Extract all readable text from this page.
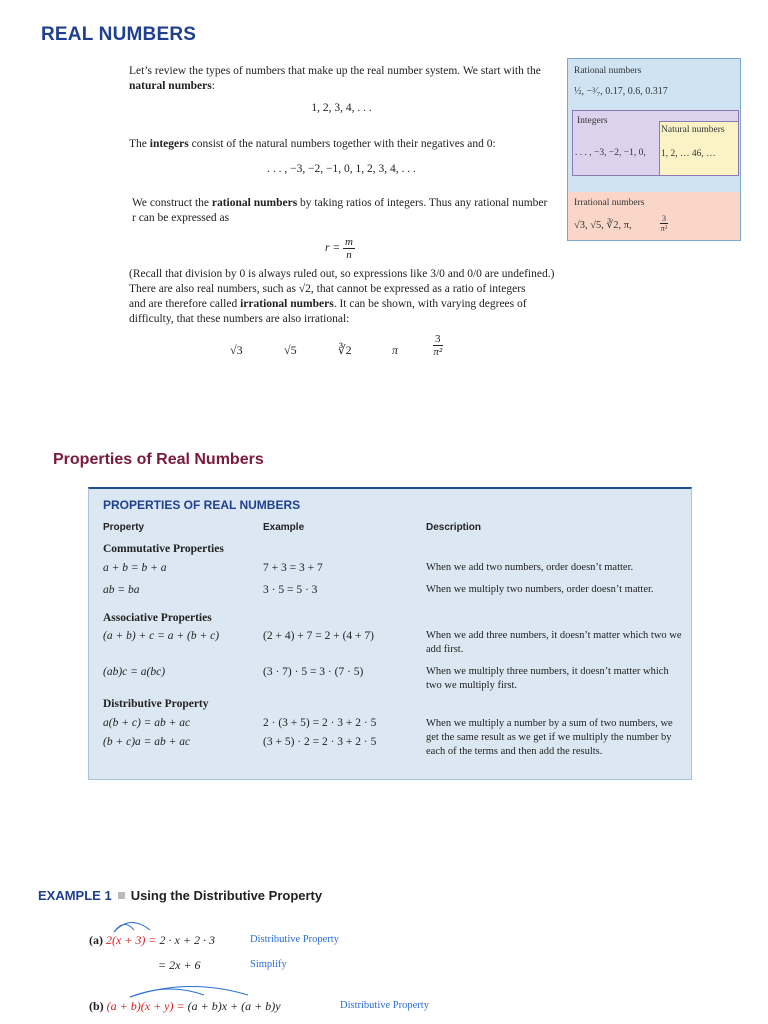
REAL NUMBERS
Let’s review the types of numbers that make up the real number system. We start with the natural numbers:
1, 2, 3, 4, . . .
The integers consist of the natural numbers together with their negatives and 0:
. . . , −3, −2, −1, 0, 1, 2, 3, 4, . . .
We construct the rational numbers by taking ratios of integers. Thus any rational number r can be expressed as
$r = \frac{m}{n}$
(Recall that division by 0 is always ruled out, so expressions like 3/0 and 0/0 are undefined.)
There are also real numbers, such as √2, that cannot be expressed as a ratio of integers
and are therefore called irrational numbers. It can be shown, with varying degrees of
difficulty, that these numbers are also irrational:
√3	√5	∛2	π	$\frac{3}{\text{π²}}$
Rational numbers
½, −³⁄₇, 0.17, 0.6, 0.317
Integers
. . . , −3, −2, −1, 0,
Natural numbers
1, 2, … 46, …
Irrational numbers
√3, √5, ∛2, π,	$\frac{3}{\text{π²}}$
Properties of Real Numbers
PROPERTIES OF REAL NUMBERS
Property	Example	Description
Commutative Properties
a + b = b + a	7 + 3 = 3 + 7	When we add two numbers, order doesn’t matter.
ab = ba	3 · 5 = 5 · 3	When we multiply two numbers, order doesn’t matter.
Associative Properties
(a + b) + c = a + (b + c)	(2 + 4) + 7 = 2 + (4 + 7)	When we add three numbers, it doesn’t matter which two we add first.
(ab)c = a(bc)	(3 · 7) · 5 = 3 · (7 · 5)	When we multiply three numbers, it doesn’t matter which two we multiply first.
Distributive Property
a(b + c) = ab + ac	2 · (3 + 5) = 2 · 3 + 2 · 5	When we multiply a number by a sum of two numbers, we get the same result as we get if we multiply the number by each of the terms and then add the results.
(b + c)a = ab + ac	(3 + 5) · 2 = 2 · 3 + 2 · 5
EXAMPLE 1 Using the Distributive Property
(a) 2(x + 3) = 2 · x + 2 · 3	Distributive Property
= 2x + 6	Simplify
(b) (a + b)(x + y) = (a + b)x + (a + b)y	Distributive Property
